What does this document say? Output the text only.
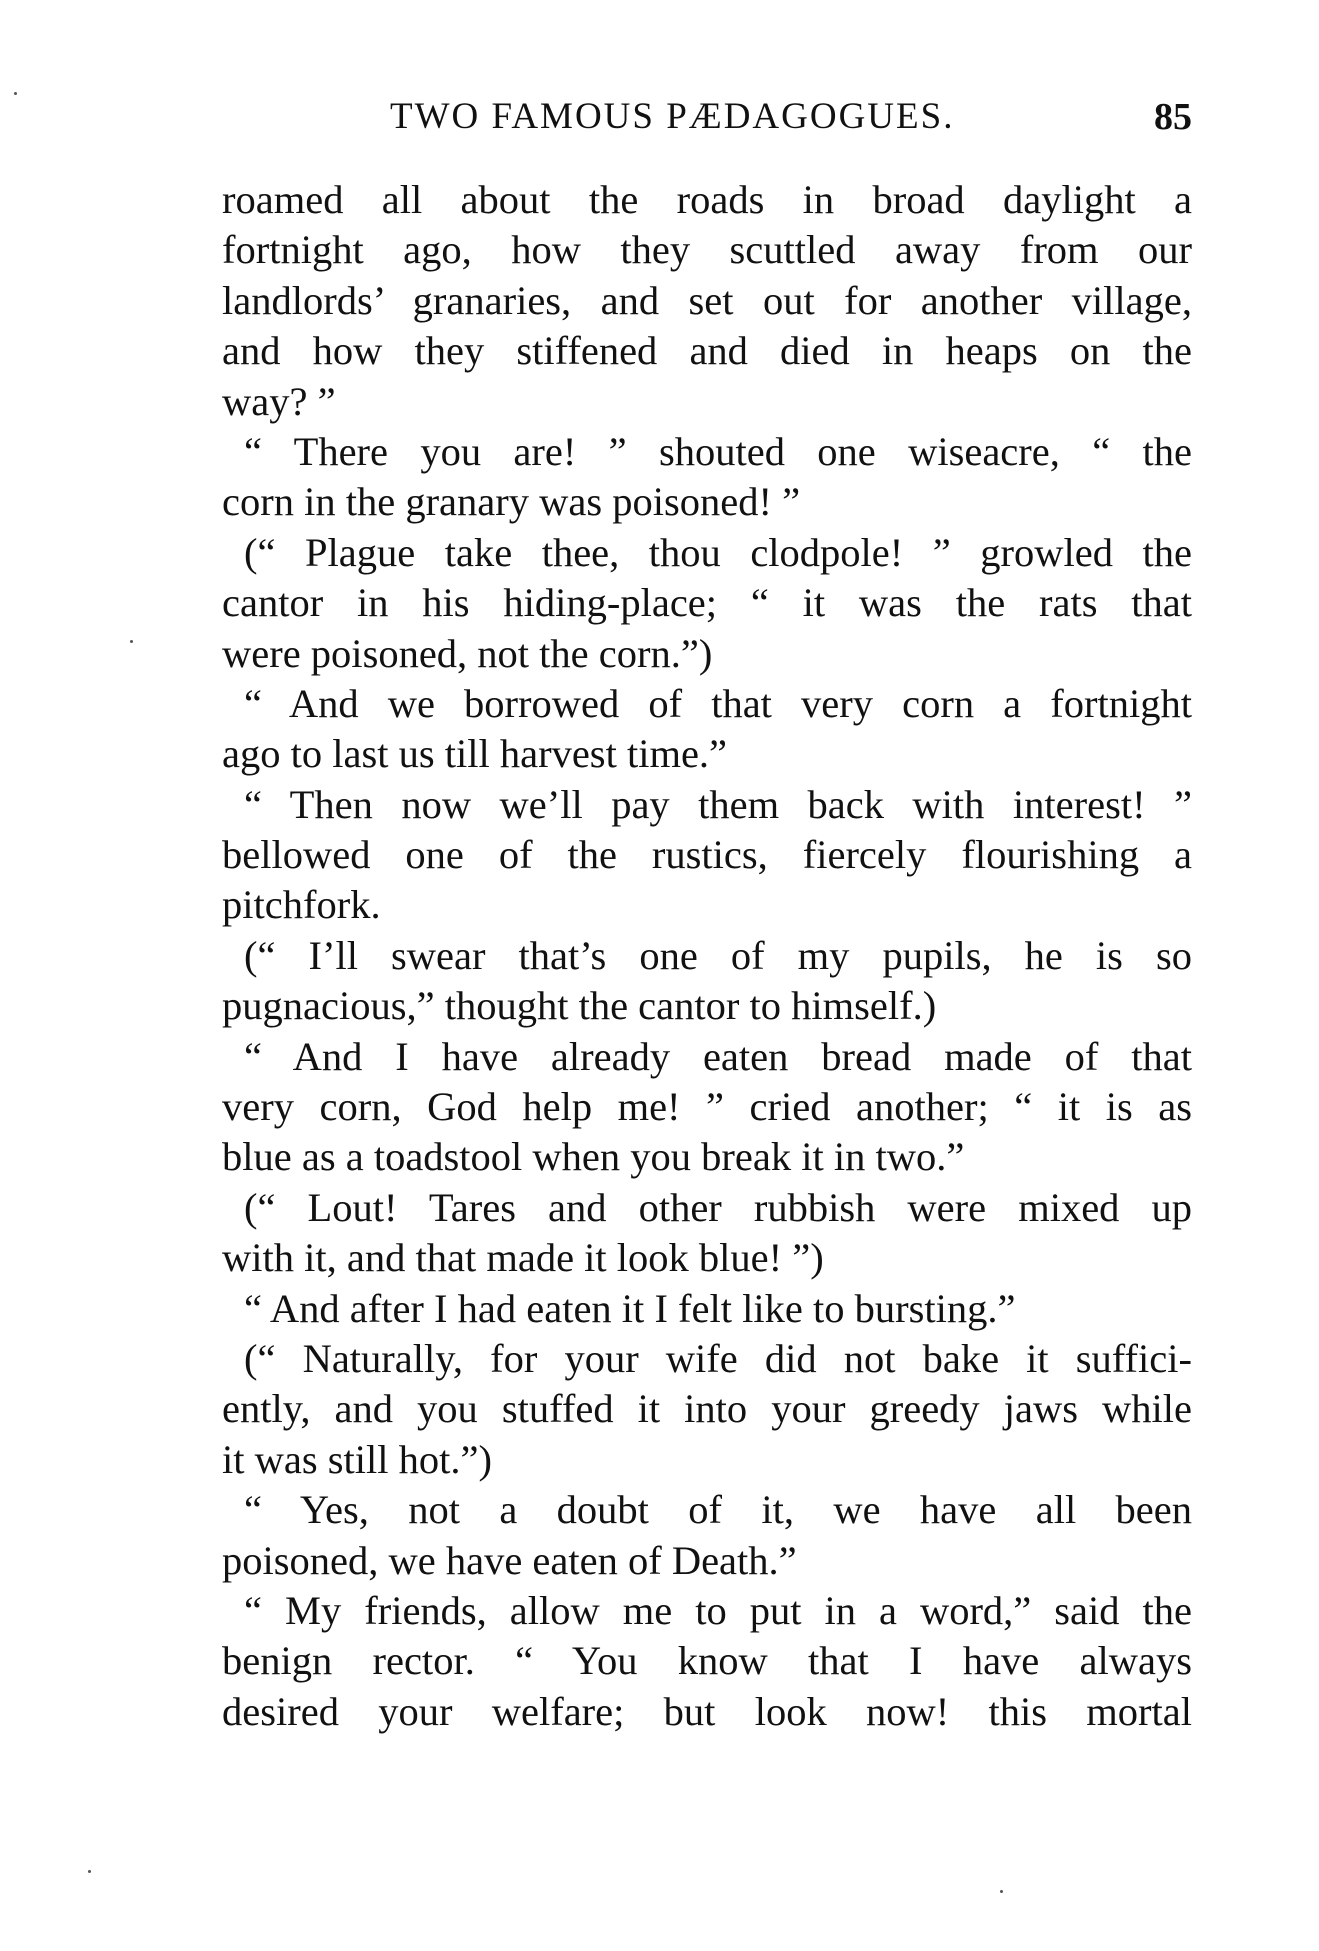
TWO FAMOUS PÆDAGOGUES.	85
roamed all about the roads in broad daylight a
fortnight ago, how they scuttled away from our
landlords’ granaries, and set out for another village,
and how they stiffened and died in heaps on the
way? ”
“ There you are! ” shouted one wiseacre, “ the
corn in the granary was poisoned! ”
(“ Plague take thee, thou clodpole! ” growled the
cantor in his hiding-place; “ it was the rats that
were poisoned, not the corn.”)
“ And we borrowed of that very corn a fortnight
ago to last us till harvest time.”
“ Then now we’ll pay them back with interest! ”
bellowed one of the rustics, fiercely flourishing a
pitchfork.
(“ I’ll swear that’s one of my pupils, he is so
pugnacious,” thought the cantor to himself.)
“ And I have already eaten bread made of that
very corn, God help me! ” cried another; “ it is as
blue as a toadstool when you break it in two.”
(“ Lout! Tares and other rubbish were mixed up
with it, and that made it look blue! ”)
“ And after I had eaten it I felt like to bursting.”
(“ Naturally, for your wife did not bake it suffici-
ently, and you stuffed it into your greedy jaws while
it was still hot.”)
“ Yes, not a doubt of it, we have all been
poisoned, we have eaten of Death.”
“ My friends, allow me to put in a word,” said the
benign rector. “ You know that I have always
desired your welfare; but look now! this mortal
